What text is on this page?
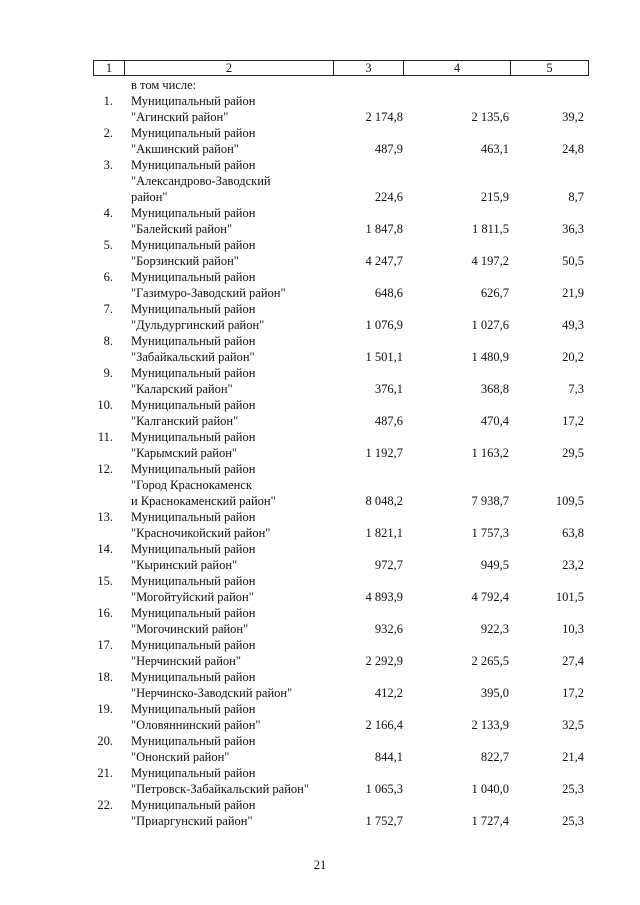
1	2	3	4	5
в том числе:
1. Муниципальный район
"Агинский район"	2 174,8	2 135,6	39,2
2. Муниципальный район
"Акшинский район"	487,9	463,1	24,8
3. Муниципальный район
"Александрово-Заводский
район"	224,6	215,9	8,7
4. Муниципальный район
"Балейский район"	1 847,8	1 811,5	36,3
5. Муниципальный район
"Борзинский район"	4 247,7	4 197,2	50,5
6. Муниципальный район
"Газимуро-Заводский район"	648,6	626,7	21,9
7. Муниципальный район
"Дульдургинский район"	1 076,9	1 027,6	49,3
8. Муниципальный район
"Забайкальский район"	1 501,1	1 480,9	20,2
9. Муниципальный район
"Каларский район"	376,1	368,8	7,3
10. Муниципальный район
"Калганский район"	487,6	470,4	17,2
11. Муниципальный район
"Карымский район"	1 192,7	1 163,2	29,5
12. Муниципальный район
"Город Краснокаменск
и Краснокаменский район"	8 048,2	7 938,7	109,5
13. Муниципальный район
"Красночикойский район"	1 821,1	1 757,3	63,8
14. Муниципальный район
"Кыринский район"	972,7	949,5	23,2
15. Муниципальный район
"Могойтуйский район"	4 893,9	4 792,4	101,5
16. Муниципальный район
"Могочинский район"	932,6	922,3	10,3
17. Муниципальный район
"Нерчинский район"	2 292,9	2 265,5	27,4
18. Муниципальный район
"Нерчинско-Заводский район"	412,2	395,0	17,2
19. Муниципальный район
"Оловяннинский район"	2 166,4	2 133,9	32,5
20. Муниципальный район
"Ононский район"	844,1	822,7	21,4
21. Муниципальный район
"Петровск-Забайкальский район"	1 065,3	1 040,0	25,3
22. Муниципальный район
"Приаргунский район"	1 752,7	1 727,4	25,3
21
